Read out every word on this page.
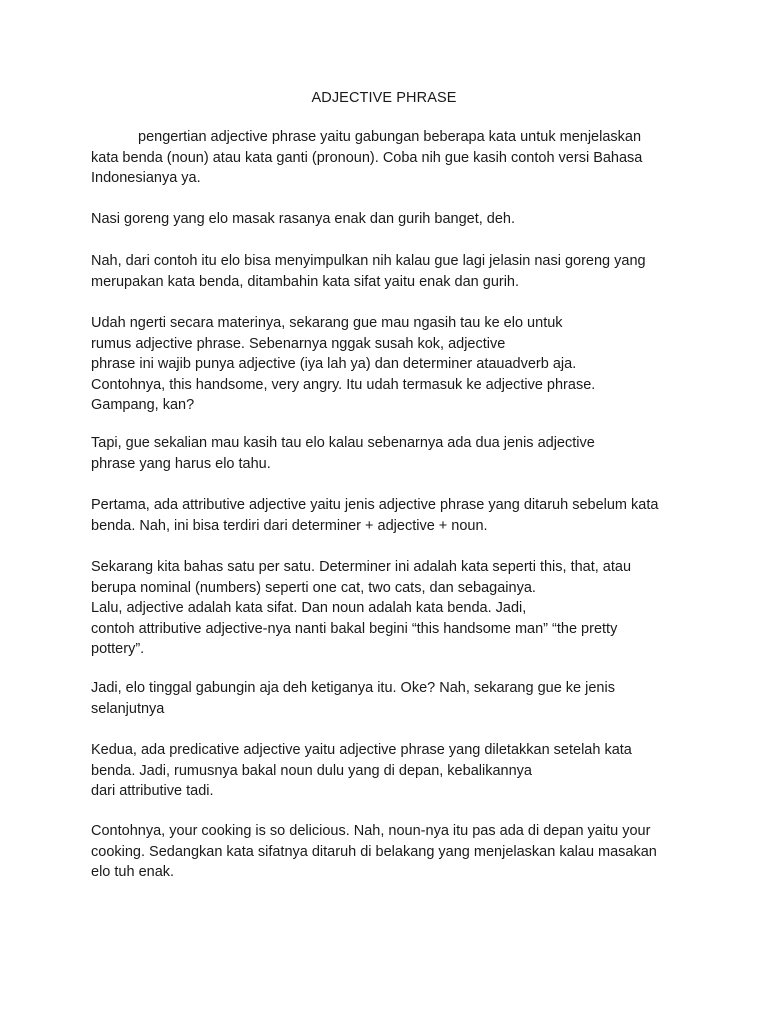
ADJECTIVE PHRASE
pengertian adjective phrase yaitu gabungan beberapa kata untuk menjelaskan
kata benda (noun) atau kata ganti (pronoun). Coba nih gue kasih contoh versi Bahasa
Indonesianya ya.
Nasi goreng yang elo masak rasanya enak dan gurih banget, deh.
Nah, dari contoh itu elo bisa menyimpulkan nih kalau gue lagi jelasin nasi goreng yang
merupakan kata benda, ditambahin kata sifat yaitu enak dan gurih.
Udah ngerti secara materinya, sekarang gue mau ngasih tau ke elo untuk
rumus adjective phrase. Sebenarnya nggak susah kok, adjective
phrase ini wajib punya adjective (iya lah ya) dan determiner atauadverb aja.
Contohnya, this handsome, very angry. Itu udah termasuk ke adjective phrase.
Gampang, kan?
Tapi, gue sekalian mau kasih tau elo kalau sebenarnya ada dua jenis adjective
phrase yang harus elo tahu.
Pertama, ada attributive adjective yaitu jenis adjective phrase yang ditaruh sebelum kata
benda. Nah, ini bisa terdiri dari determiner + adjective + noun.
Sekarang kita bahas satu per satu. Determiner ini adalah kata seperti this, that, atau
berupa nominal (numbers) seperti one cat, two cats, dan sebagainya.
Lalu, adjective adalah kata sifat. Dan noun adalah kata benda. Jadi,
contoh attributive adjective-nya nanti bakal begini “this handsome man” “the pretty
pottery”.
Jadi, elo tinggal gabungin aja deh ketiganya itu. Oke? Nah, sekarang gue ke jenis
selanjutnya
Kedua, ada predicative adjective yaitu adjective phrase yang diletakkan setelah kata
benda. Jadi, rumusnya bakal noun dulu yang di depan, kebalikannya
dari attributive tadi.
Contohnya, your cooking is so delicious. Nah, noun-nya itu pas ada di depan yaitu your
cooking. Sedangkan kata sifatnya ditaruh di belakang yang menjelaskan kalau masakan
elo tuh enak.
